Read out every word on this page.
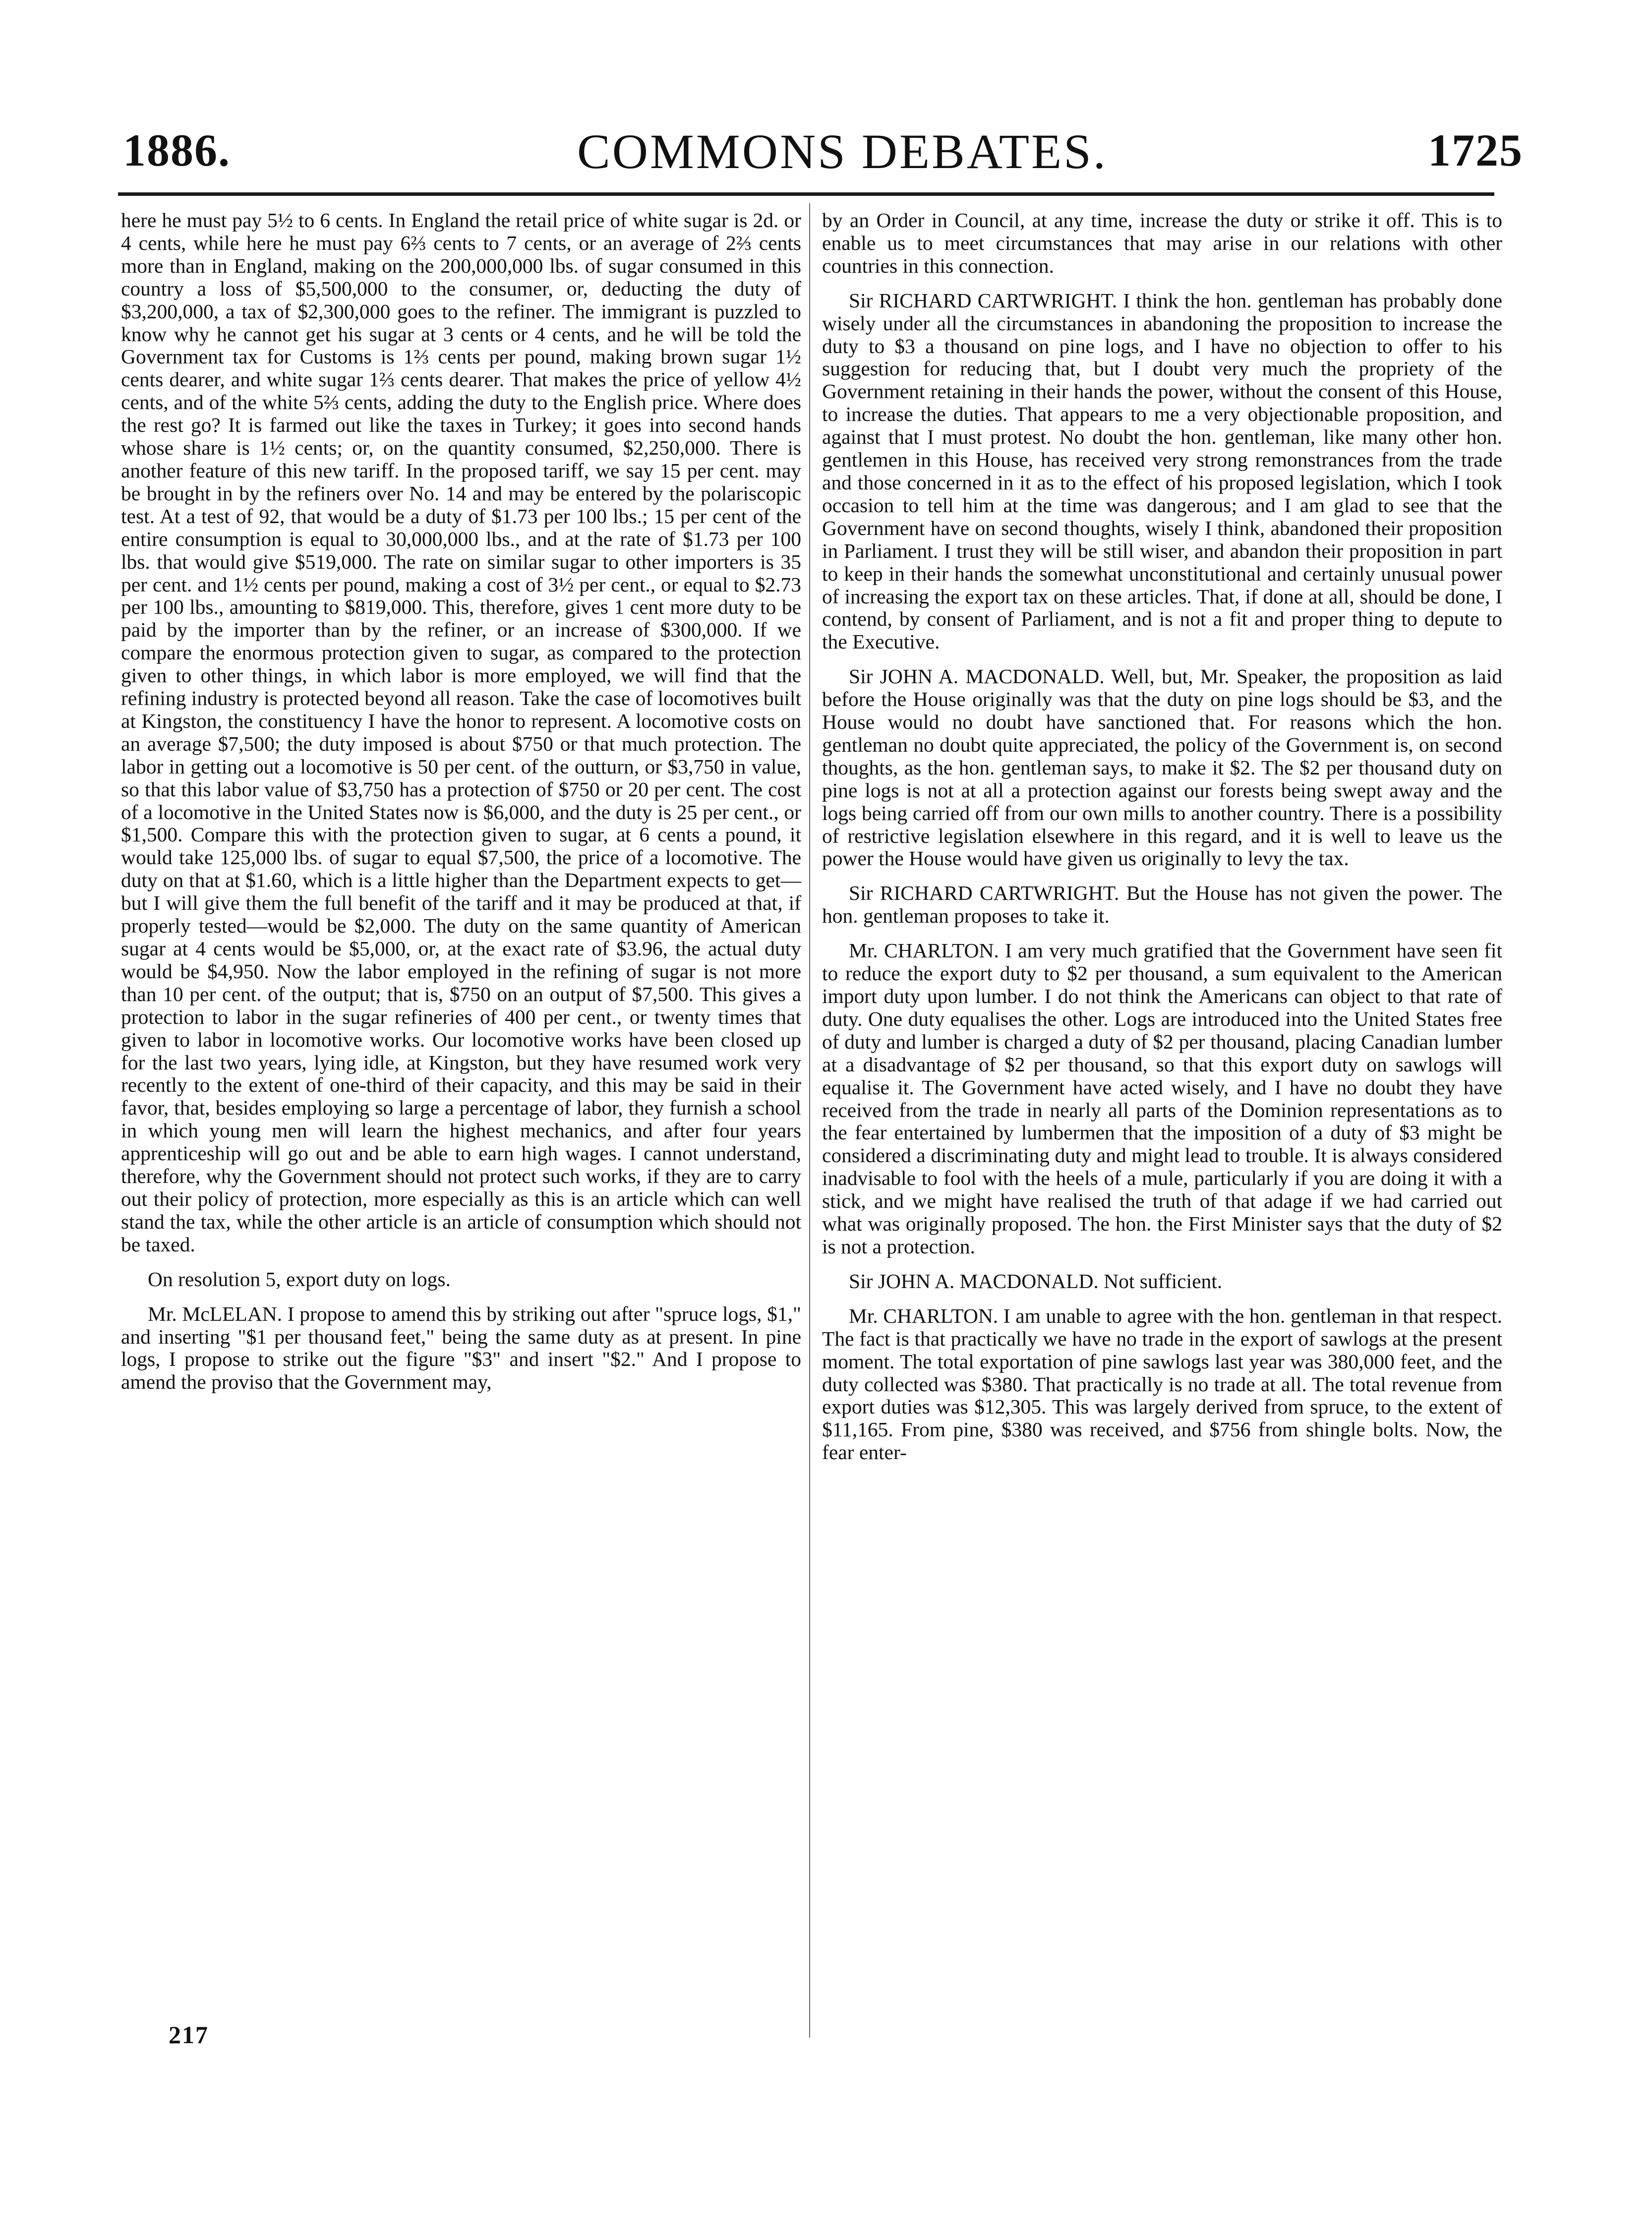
1886.	COMMONS DEBATES.	1725

here he must pay 5½ to 6 cents. In England the retail price of white sugar is 2d. or 4 cents, while here he must pay 6⅔ cents to 7 cents, or an average of 2⅔ cents more than in England, making on the 200,000,000 lbs. of sugar consumed in this country a loss of $5,500,000 to the consumer, or, deducting the duty of $3,200,000, a tax of $2,300,000 goes to the refiner. The immigrant is puzzled to know why he cannot get his sugar at 3 cents or 4 cents, and he will be told the Government tax for Customs is 1⅔ cents per pound, making brown sugar 1½ cents dearer, and white sugar 1⅔ cents dearer. That makes the price of yellow 4½ cents, and of the white 5⅔ cents, adding the duty to the English price. Where does the rest go? It is farmed out like the taxes in Turkey; it goes into second hands whose share is 1½ cents; or, on the quantity consumed, $2,250,000. There is another feature of this new tariff. In the proposed tariff, we say 15 per cent. may be brought in by the refiners over No. 14 and may be entered by the polariscopic test. At a test of 92, that would be a duty of $1.73 per 100 lbs.; 15 per cent of the entire consumption is equal to 30,000,000 lbs., and at the rate of $1.73 per 100 lbs. that would give $519,000. The rate on similar sugar to other importers is 35 per cent. and 1½ cents per pound, making a cost of 3½ per cent., or equal to $2.73 per 100 lbs., amounting to $819,000. This, therefore, gives 1 cent more duty to be paid by the importer than by the refiner, or an increase of $300,000. If we compare the enormous protection given to sugar, as compared to the protection given to other things, in which labor is more employed, we will find that the refining industry is protected beyond all reason. Take the case of locomotives built at Kingston, the constituency I have the honor to represent. A locomotive costs on an average $7,500; the duty imposed is about $750 or that much protection. The labor in getting out a locomotive is 50 per cent. of the outturn, or $3,750 in value, so that this labor value of $3,750 has a protection of $750 or 20 per cent. The cost of a locomotive in the United States now is $6,000, and the duty is 25 per cent., or $1,500. Compare this with the protection given to sugar, at 6 cents a pound, it would take 125,000 lbs. of sugar to equal $7,500, the price of a locomotive. The duty on that at $1.60, which is a little higher than the Department expects to get—but I will give them the full benefit of the tariff and it may be produced at that, if properly tested—would be $2,000. The duty on the same quantity of American sugar at 4 cents would be $5,000, or, at the exact rate of $3.96, the actual duty would be $4,950. Now the labor employed in the refining of sugar is not more than 10 per cent. of the output; that is, $750 on an output of $7,500. This gives a protection to labor in the sugar refineries of 400 per cent., or twenty times that given to labor in locomotive works. Our locomotive works have been closed up for the last two years, lying idle, at Kingston, but they have resumed work very recently to the extent of one-third of their capacity, and this may be said in their favor, that, besides employing so large a percentage of labor, they furnish a school in which young men will learn the highest mechanics, and after four years apprenticeship will go out and be able to earn high wages. I cannot understand, therefore, why the Government should not protect such works, if they are to carry out their policy of protection, more especially as this is an article which can well stand the tax, while the other article is an article of consumption which should not be taxed.

On resolution 5, export duty on logs.

Mr. McLELAN. I propose to amend this by striking out after "spruce logs, $1," and inserting "$1 per thousand feet," being the same duty as at present. In pine logs, I propose to strike out the figure "$3" and insert "$2." And I propose to amend the proviso that the Government may,

by an Order in Council, at any time, increase the duty or strike it off. This is to enable us to meet circumstances that may arise in our relations with other countries in this connection.

Sir RICHARD CARTWRIGHT. I think the hon. gentleman has probably done wisely under all the circumstances in abandoning the proposition to increase the duty to $3 a thousand on pine logs, and I have no objection to offer to his suggestion for reducing that, but I doubt very much the propriety of the Government retaining in their hands the power, without the consent of this House, to increase the duties. That appears to me a very objectionable proposition, and against that I must protest. No doubt the hon. gentleman, like many other hon. gentlemen in this House, has received very strong remonstrances from the trade and those concerned in it as to the effect of his proposed legislation, which I took occasion to tell him at the time was dangerous; and I am glad to see that the Government have on second thoughts, wisely I think, abandoned their proposition in Parliament. I trust they will be still wiser, and abandon their proposition in part to keep in their hands the somewhat unconstitutional and certainly unusual power of increasing the export tax on these articles. That, if done at all, should be done, I contend, by consent of Parliament, and is not a fit and proper thing to depute to the Executive.

Sir JOHN A. MACDONALD. Well, but, Mr. Speaker, the proposition as laid before the House originally was that the duty on pine logs should be $3, and the House would no doubt have sanctioned that. For reasons which the hon. gentleman no doubt quite appreciated, the policy of the Government is, on second thoughts, as the hon. gentleman says, to make it $2. The $2 per thousand duty on pine logs is not at all a protection against our forests being swept away and the logs being carried off from our own mills to another country. There is a possibility of restrictive legislation elsewhere in this regard, and it is well to leave us the power the House would have given us originally to levy the tax.

Sir RICHARD CARTWRIGHT. But the House has not given the power. The hon. gentleman proposes to take it.

Mr. CHARLTON. I am very much gratified that the Government have seen fit to reduce the export duty to $2 per thousand, a sum equivalent to the American import duty upon lumber. I do not think the Americans can object to that rate of duty. One duty equalises the other. Logs are introduced into the United States free of duty and lumber is charged a duty of $2 per thousand, placing Canadian lumber at a disadvantage of $2 per thousand, so that this export duty on sawlogs will equalise it. The Government have acted wisely, and I have no doubt they have received from the trade in nearly all parts of the Dominion representations as to the fear entertained by lumbermen that the imposition of a duty of $3 might be considered a discriminating duty and might lead to trouble. It is always considered inadvisable to fool with the heels of a mule, particularly if you are doing it with a stick, and we might have realised the truth of that adage if we had carried out what was originally proposed. The hon. the First Minister says that the duty of $2 is not a protection.

Sir JOHN A. MACDONALD. Not sufficient.

Mr. CHARLTON. I am unable to agree with the hon. gentleman in that respect. The fact is that practically we have no trade in the export of sawlogs at the present moment. The total exportation of pine sawlogs last year was 380,000 feet, and the duty collected was $380. That practically is no trade at all. The total revenue from export duties was $12,305. This was largely derived from spruce, to the extent of $11,165. From pine, $380 was received, and $756 from shingle bolts. Now, the fear enter-

217
